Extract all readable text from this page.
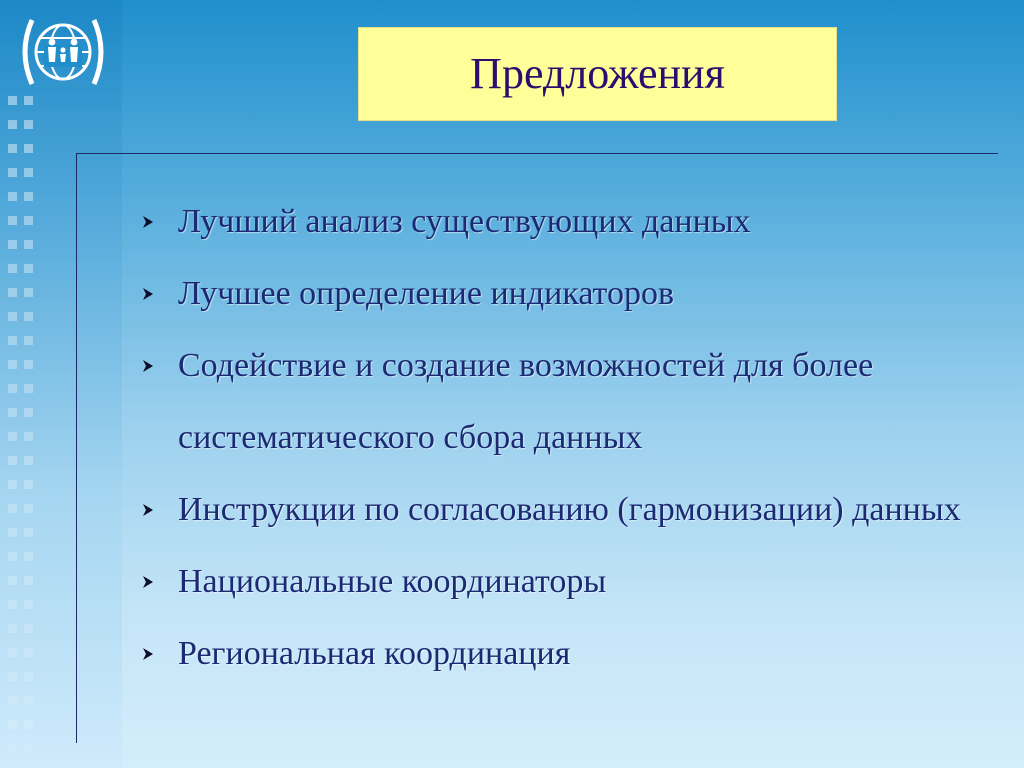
Предложения
Лучший анализ существующих данных
Лучшее определение индикаторов
Содействие и создание возможностей для более систематического сбора данных
Инструкции по согласованию (гармонизации) данных
Национальные координаторы
Региональная координация
